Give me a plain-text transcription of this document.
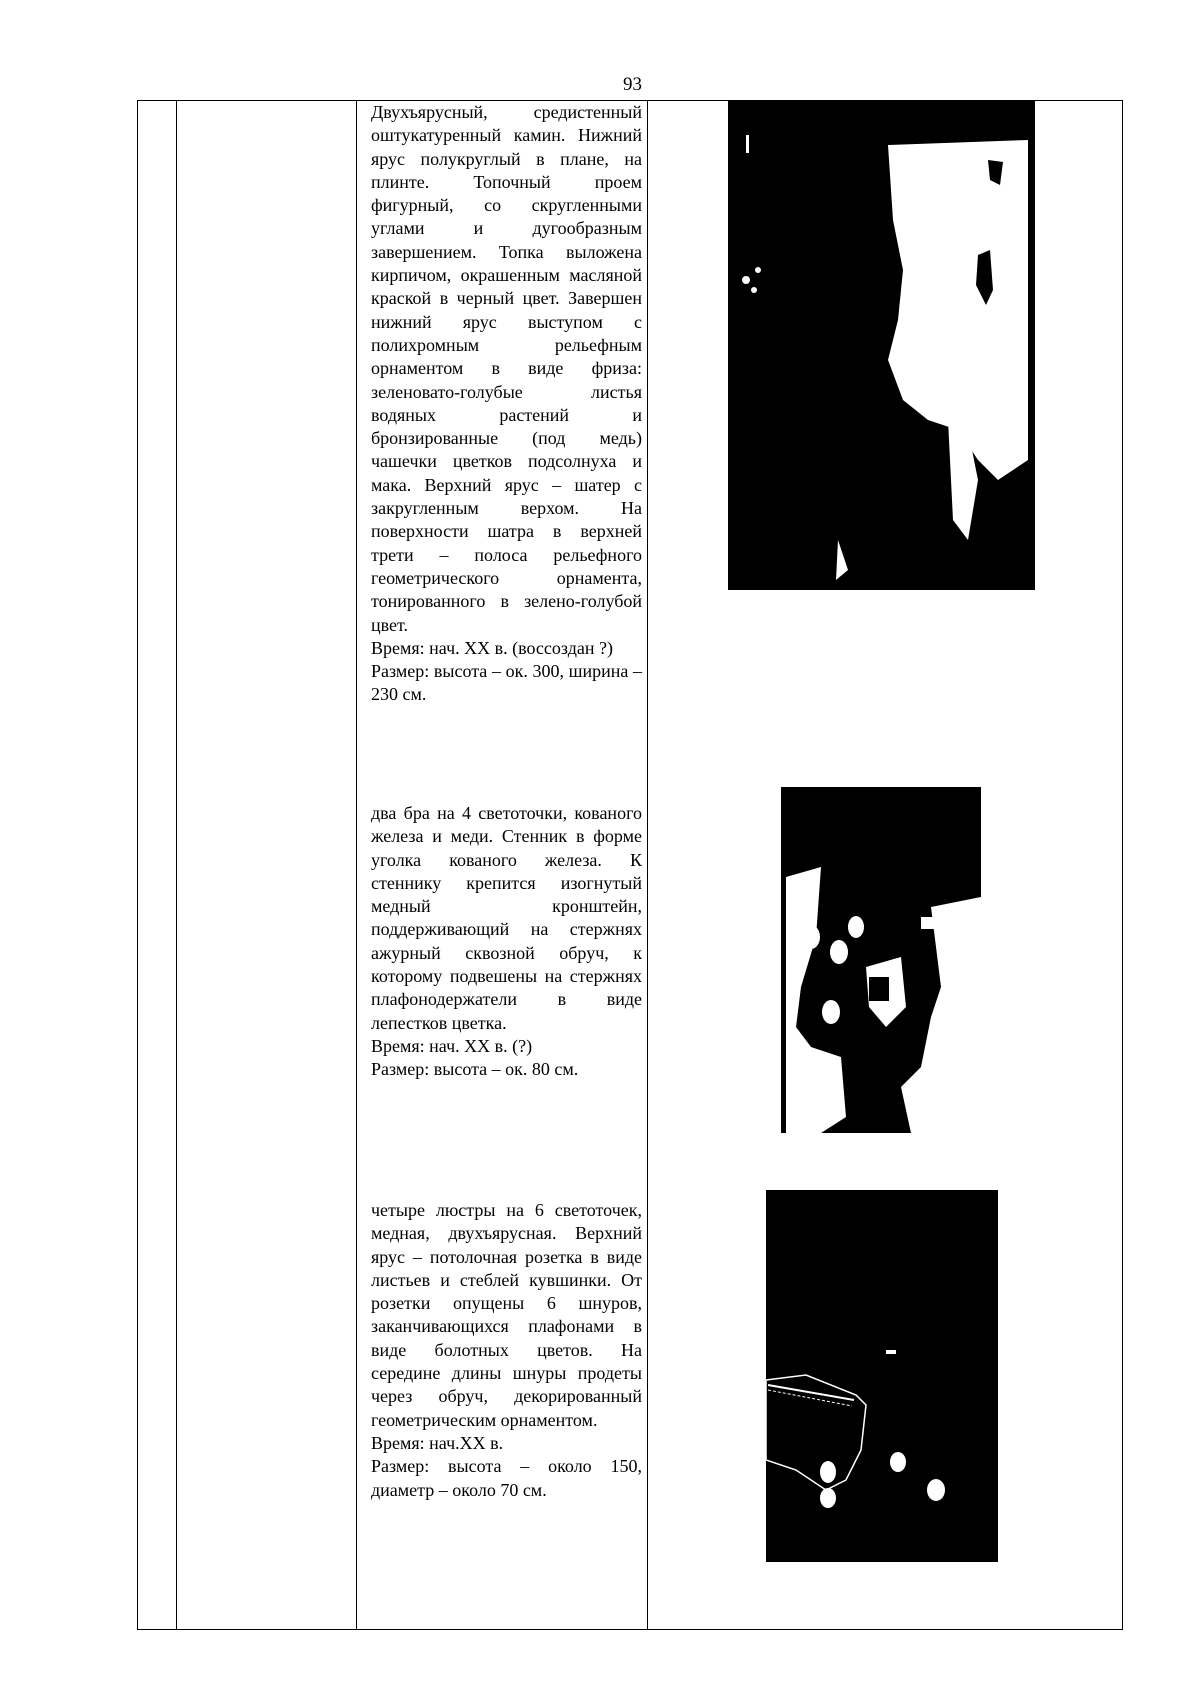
93

Двухъярусный, средистенный оштукатуренный камин. Нижний ярус полукруглый в плане, на плинте. Топочный проем фигурный, со скругленными углами и дугообразным завершением. Топка выложена кирпичом, окрашенным масляной краской в черный цвет. Завершен нижний ярус выступом с полихромным рельефным орнаментом в виде фриза: зеленовато-голубые листья водяных растений и бронзированные (под медь) чашечки цветков подсолнуха и мака. Верхний ярус – шатер с закругленным верхом. На поверхности шатра в верхней трети – полоса рельефного геометрического орнамента, тонированного в зелено-голубой цвет.

Время: нач. ХХ в. (воссоздан ?)

Размер: высота – ок. 300, ширина – 230 см.

два бра на 4 светоточки, кованого железа и меди. Стенник в форме уголка кованого железа. К стеннику крепится изогнутый медный кронштейн, поддерживающий на стержнях ажурный сквозной обруч, к которому подвешены на стержнях плафонодержатели в виде лепестков цветка.

Время: нач. ХХ в. (?)

Размер: высота – ок. 80 см.

четыре люстры на 6 светоточек, медная, двухъярусная. Верхний ярус – потолочная розетка в виде листьев и стеблей кувшинки. От розетки опущены 6 шнуров, заканчивающихся плафонами в виде болотных цветов. На середине длины шнуры продеты через обруч, декорированный геометрическим орнаментом.

Время: нач.ХХ в.

Размер: высота – около 150, диаметр – около 70 см.
